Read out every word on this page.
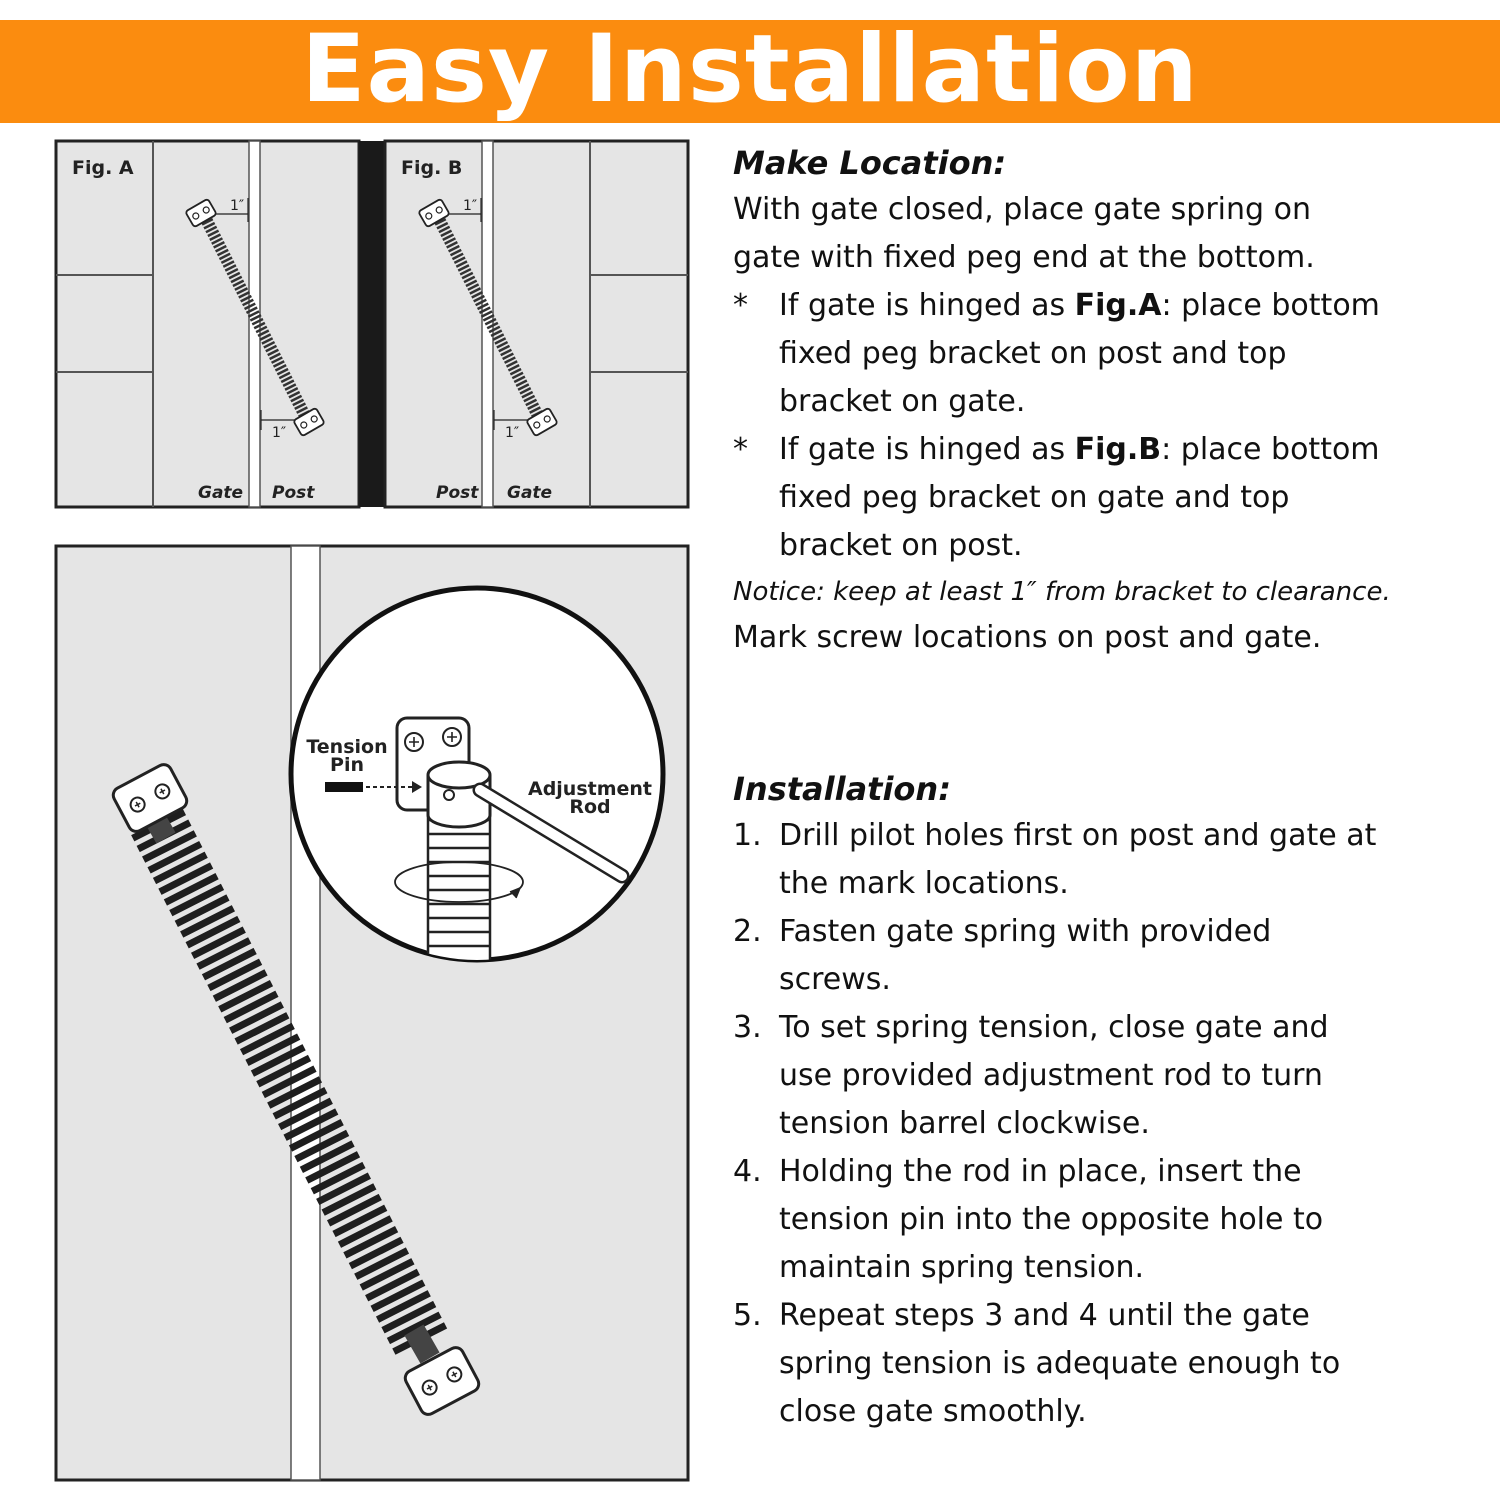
Easy Installation
Fig. A
Gate Post
1″
1″
Fig. B
Post Gate
1″
1″
Tension
Pin
Adjustment
Rod
Make Location:
With gate closed, place gate spring on
gate with fixed peg end at the bottom.
* If gate is hinged as Fig.A: place bottom
fixed peg bracket on post and top
bracket on gate.
* If gate is hinged as Fig.B: place bottom
fixed peg bracket on gate and top
bracket on post.
Notice: keep at least 1″ from bracket to clearance.
Mark screw locations on post and gate.
Installation:
1. Drill pilot holes first on post and gate at
the mark locations.
2. Fasten gate spring with provided
screws.
3. To set spring tension, close gate and
use provided adjustment rod to turn
tension barrel clockwise.
4. Holding the rod in place, insert the
tension pin into the opposite hole to
maintain spring tension.
5. Repeat steps 3 and 4 until the gate
spring tension is adequate enough to
close gate smoothly.
